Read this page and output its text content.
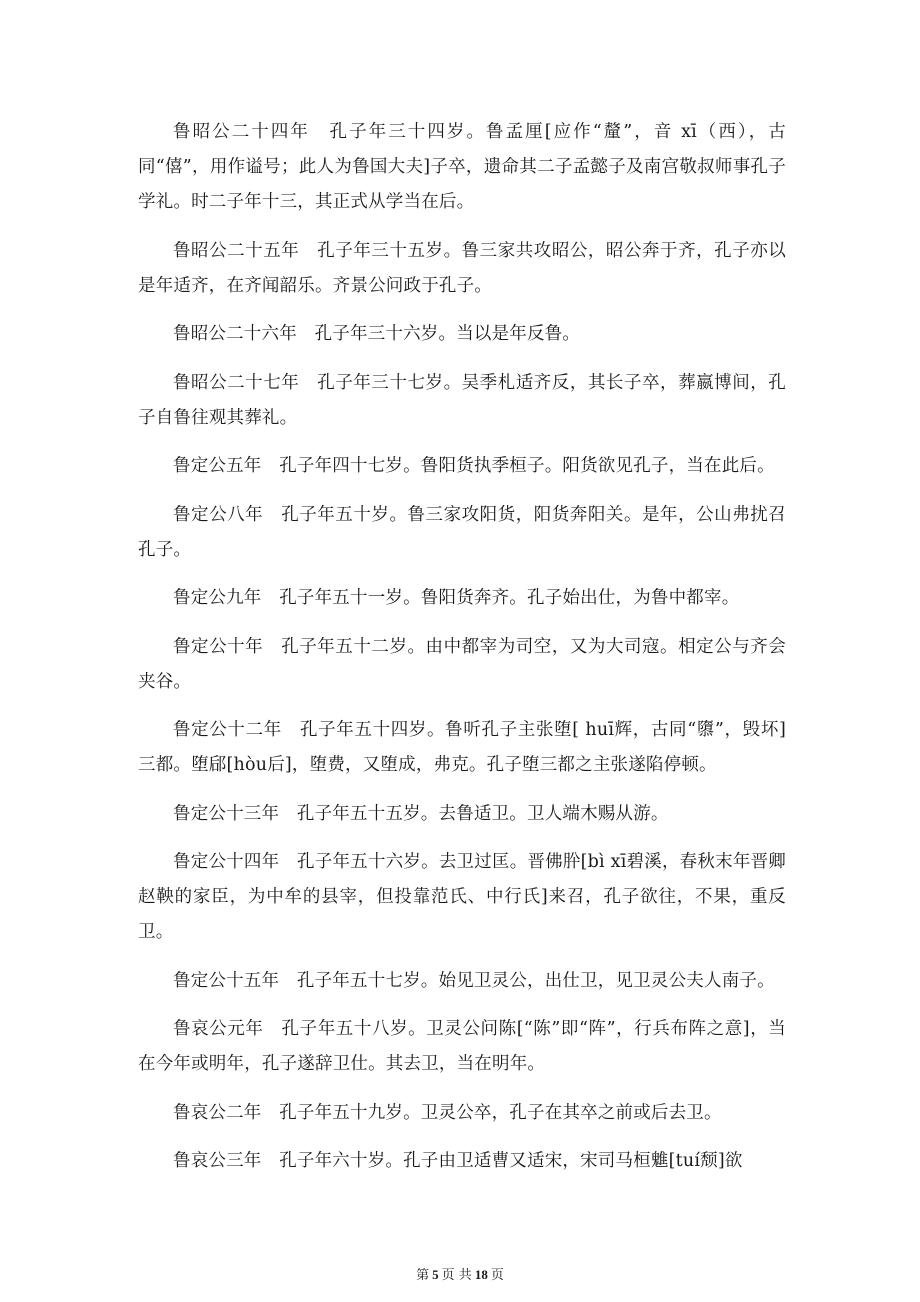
鲁昭公二十四年　孔子年三十四岁。鲁孟厘[应作“釐”，音 xī（西），古同“僖”，用作谥号；此人为鲁国大夫]子卒，遗命其二子孟懿子及南宫敬叔师事孔子学礼。时二子年十三，其正式从学当在后。

鲁昭公二十五年　孔子年三十五岁。鲁三家共攻昭公，昭公奔于齐，孔子亦以是年适齐，在齐闻韶乐。齐景公问政于孔子。

鲁昭公二十六年　孔子年三十六岁。当以是年反鲁。

鲁昭公二十七年　孔子年三十七岁。吴季札适齐反，其长子卒，葬嬴博间，孔子自鲁往观其葬礼。

鲁定公五年　孔子年四十七岁。鲁阳货执季桓子。阳货欲见孔子，当在此后。

鲁定公八年　孔子年五十岁。鲁三家攻阳货，阳货奔阳关。是年，公山弗扰召孔子。

鲁定公九年　孔子年五十一岁。鲁阳货奔齐。孔子始出仕，为鲁中都宰。

鲁定公十年　孔子年五十二岁。由中都宰为司空，又为大司寇。相定公与齐会夹谷。

鲁定公十二年　孔子年五十四岁。鲁听孔子主张堕[ huī辉，古同“隳”，毁坏]三都。堕郈[hòu后]，堕费，又堕成，弗克。孔子堕三都之主张遂陷停顿。

鲁定公十三年　孔子年五十五岁。去鲁适卫。卫人端木赐从游。

鲁定公十四年　孔子年五十六岁。去卫过匡。晋佛肸[bì xī碧溪，春秋末年晋卿赵鞅的家臣，为中牟的县宰，但投靠范氏、中行氏]来召，孔子欲往，不果，重反卫。

鲁定公十五年　孔子年五十七岁。始见卫灵公，出仕卫，见卫灵公夫人南子。

鲁哀公元年　孔子年五十八岁。卫灵公问陈[“陈”即“阵”，行兵布阵之意]，当在今年或明年，孔子遂辞卫仕。其去卫，当在明年。

鲁哀公二年　孔子年五十九岁。卫灵公卒，孔子在其卒之前或后去卫。

鲁哀公三年　孔子年六十岁。孔子由卫适曹又适宋，宋司马桓魋[tuí颓]欲

第 5 页 共 18 页
